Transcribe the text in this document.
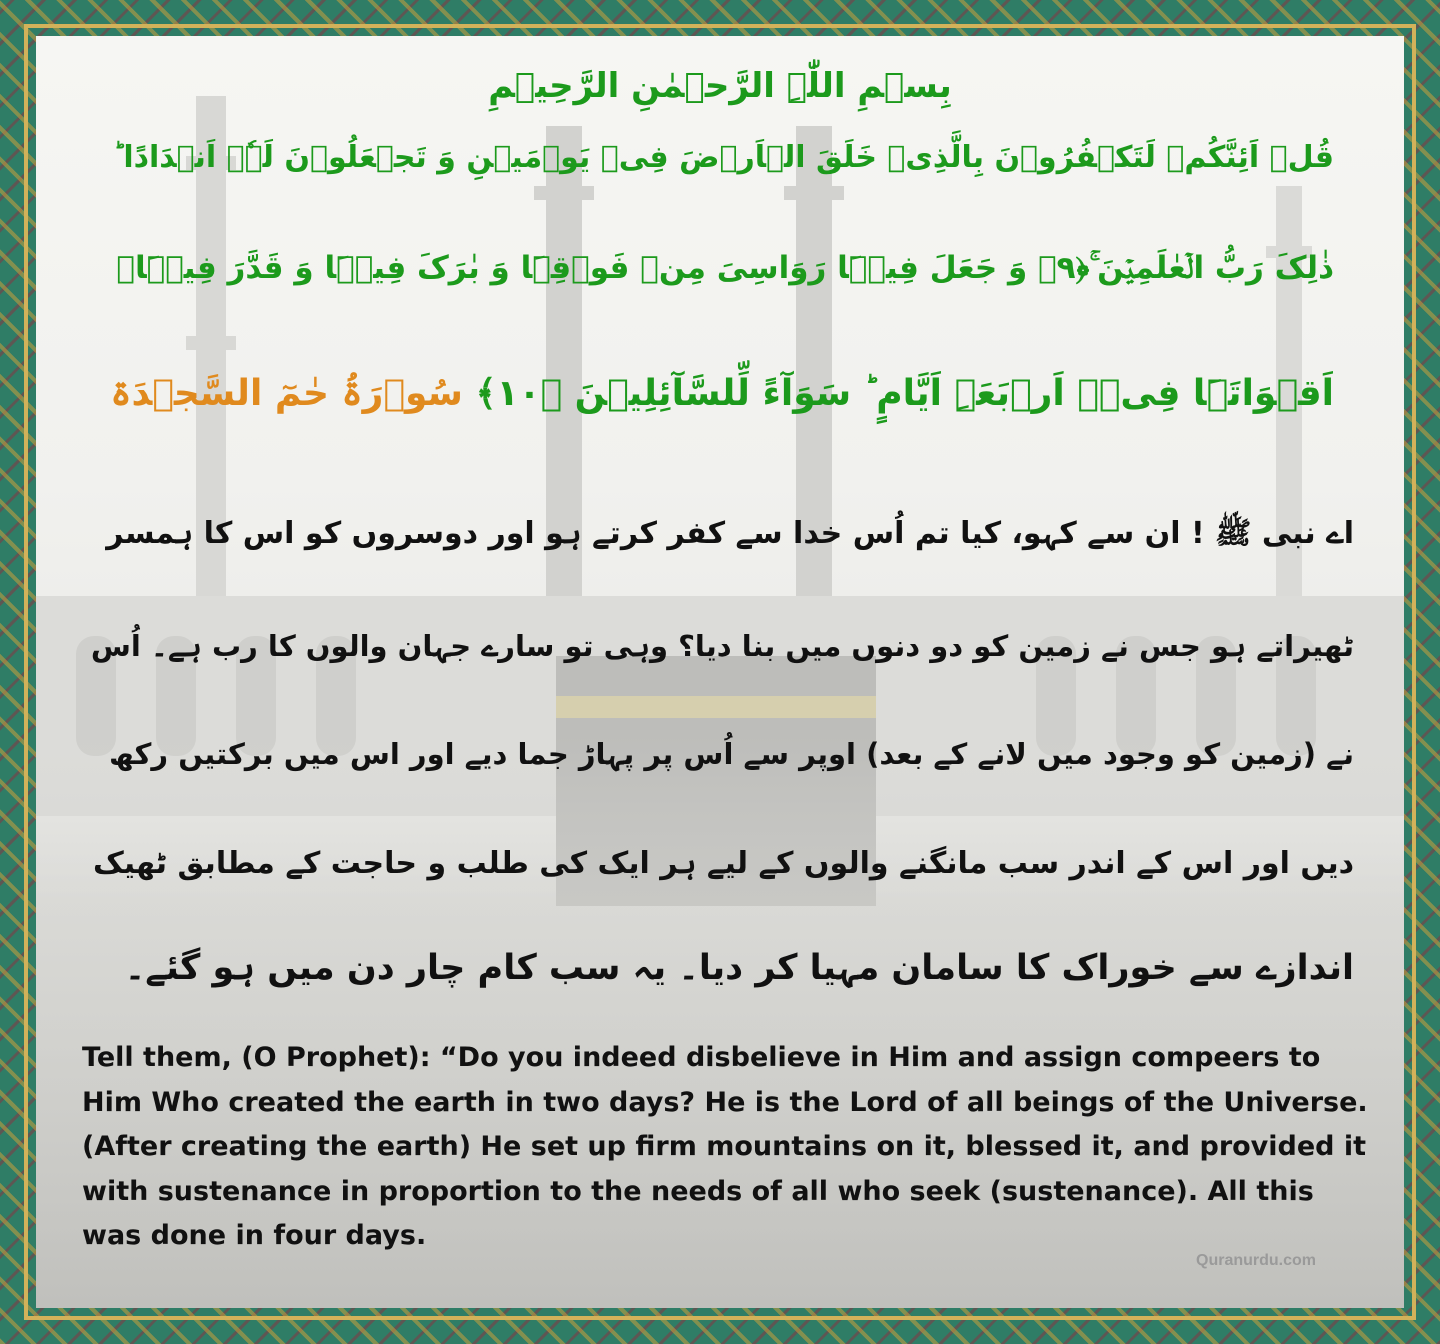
بِسۡمِ اللّٰہِ الرَّحۡمٰنِ الرَّحِیۡمِ
قُلۡ اَئِنَّکُمۡ لَتَکۡفُرُوۡنَ بِالَّذِیۡ خَلَقَ الۡاَرۡضَ فِیۡ یَوۡمَیۡنِ وَ تَجۡعَلُوۡنَ لَہٗۤ اَنۡدَادًا ؕ
ذٰلِکَ رَبُّ الۡعٰلَمِیۡنَ ۚ﴿۹﴾ وَ جَعَلَ فِیۡہَا رَوَاسِیَ مِنۡ فَوۡقِہَا وَ بٰرَکَ فِیۡہَا وَ قَدَّرَ فِیۡہَاۤ
اَقۡوَاتَہَا فِیۡۤ اَرۡبَعَۃِ اَیَّامٍ ؕ سَوَآءً لِّلسَّآئِلِیۡنَ ﴿۱۰﴾ سُوۡرَۃُ حٰمٓ السَّجۡدَۃ
اے نبی ﷺ ! ان سے کہو، کیا تم اُس خدا سے کفر کرتے ہو اور دوسروں کو اس کا ہمسر
ٹھیراتے ہو جس نے زمین کو دو دنوں میں بنا دیا؟ وہی تو سارے جہان والوں کا رب ہے۔ اُس
نے (زمین کو وجود میں لانے کے بعد) اوپر سے اُس پر پہاڑ جما دیے اور اس میں برکتیں رکھ
دیں اور اس کے اندر سب مانگنے والوں کے لیے ہر ایک کی طلب و حاجت کے مطابق ٹھیک
اندازے سے خوراک کا سامان مہیا کر دیا۔ یہ سب کام چار دن میں ہو گئے۔
Tell them, (O Prophet): “Do you indeed disbelieve in Him and assign compeers to Him Who created the earth in two days? He is the Lord of all beings of the Universe. (After creating the earth) He set up firm mountains on it, blessed it, and provided it with sustenance in proportion to the needs of all who seek (sustenance). All this was done in four days.
Quranurdu.com
